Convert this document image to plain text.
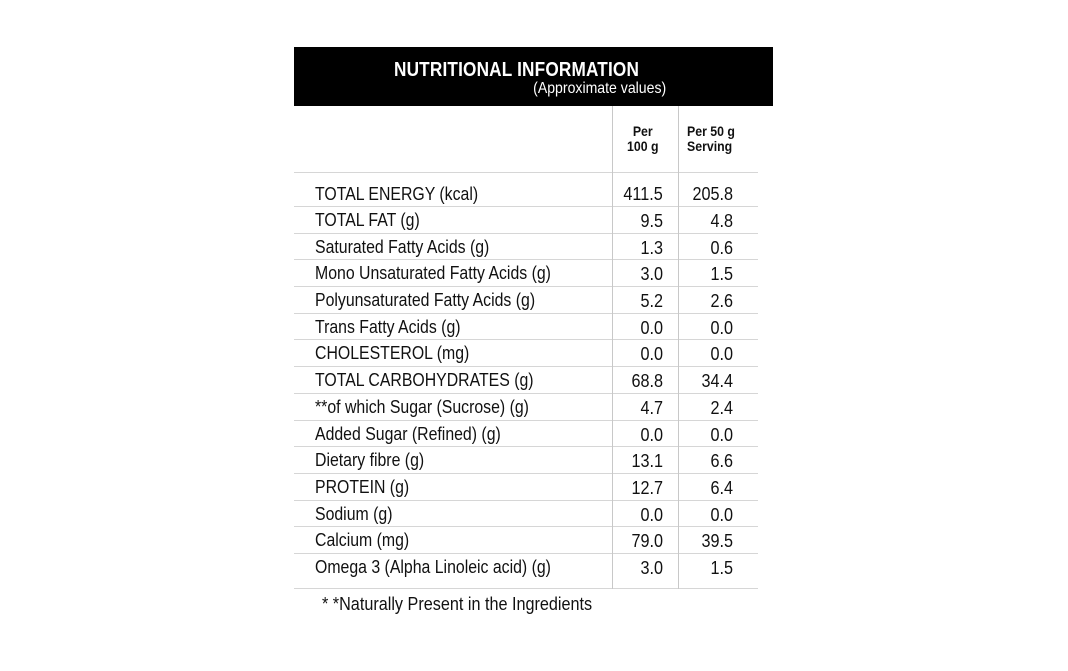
NUTRITIONAL INFORMATION
(Approximate values)
Per
100 g
Per 50 g
Serving
TOTAL ENERGY (kcal)	411.5 205.8
TOTAL FAT (g)	9.5	4.8
Saturated Fatty Acids (g)	1.3	0.6
Mono Unsaturated Fatty Acids (g)	3.0	1.5
Polyunsaturated Fatty Acids (g)	5.2	2.6
Trans Fatty Acids (g)	0.0	0.0
CHOLESTEROL (mg)	0.0	0.0
TOTAL CARBOHYDRATES (g)	68.8 34.4
**of which Sugar (Sucrose) (g)	4.7	2.4
Added Sugar (Refined) (g)	0.0	0.0
Dietary fibre (g)	13.1	6.6
PROTEIN (g)	12.7	6.4
Sodium (g)	0.0	0.0
Calcium (mg)	79.0 39.5
Omega 3 (Alpha Linoleic acid) (g)	3.0	1.5
* *Naturally Present in the Ingredients
